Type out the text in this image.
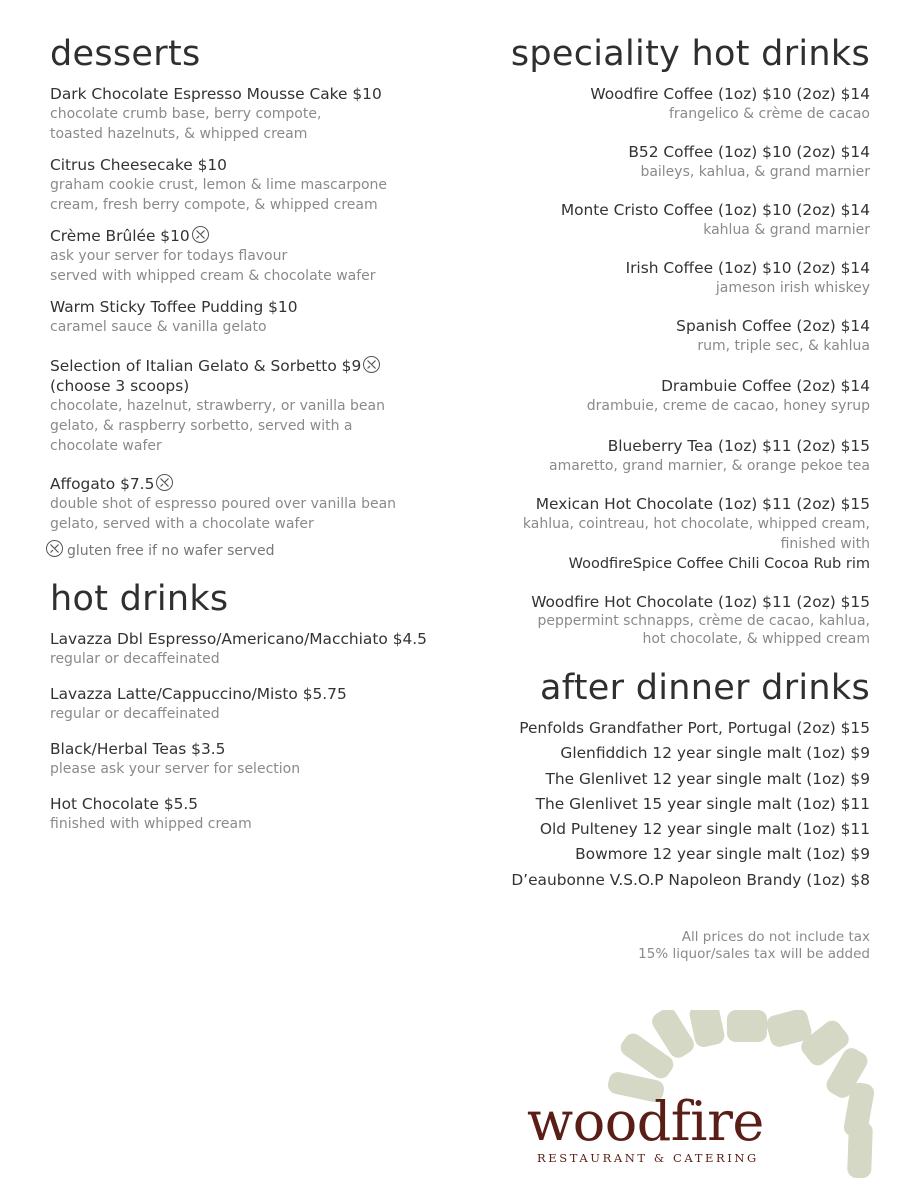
desserts
Dark Chocolate Espresso Mousse Cake $10
chocolate crumb base, berry compote,
toasted hazelnuts, & whipped cream
Citrus Cheesecake $10
graham cookie crust, lemon & lime mascarpone
cream, fresh berry compote, & whipped cream
Crème Brûlée $10
ask your server for todays flavour
served with whipped cream & chocolate wafer
Warm Sticky Toffee Pudding $10
caramel sauce & vanilla gelato
Selection of Italian Gelato & Sorbetto $9
(choose 3 scoops)
chocolate, hazelnut, strawberry, or vanilla bean
gelato, & raspberry sorbetto, served with a
chocolate wafer
Affogato $7.5
double shot of espresso poured over vanilla bean
gelato, served with a chocolate wafer
gluten free if no wafer served
hot drinks
Lavazza Dbl Espresso/Americano/Macchiato $4.5
regular or decaffeinated
Lavazza Latte/Cappuccino/Misto $5.75
regular or decaffeinated
Black/Herbal Teas $3.5
please ask your server for selection
Hot Chocolate $5.5
finished with whipped cream
speciality hot drinks
Woodfire Coffee (1oz) $10 (2oz) $14
frangelico & crème de cacao
B52 Coffee (1oz) $10 (2oz) $14
baileys, kahlua, & grand marnier
Monte Cristo Coffee (1oz) $10 (2oz) $14
kahlua & grand marnier
Irish Coffee (1oz) $10 (2oz) $14
jameson irish whiskey
Spanish Coffee (2oz) $14
rum, triple sec, & kahlua
Drambuie Coffee (2oz) $14
drambuie, creme de cacao, honey syrup
Blueberry Tea (1oz) $11 (2oz) $15
amaretto, grand marnier, & orange pekoe tea
Mexican Hot Chocolate (1oz) $11 (2oz) $15
kahlua, cointreau, hot chocolate, whipped cream,
finished with
WoodfireSpice Coffee Chili Cocoa Rub rim
Woodfire Hot Chocolate (1oz) $11 (2oz) $15
peppermint schnapps, crème de cacao, kahlua,
hot chocolate, & whipped cream
after dinner drinks
Penfolds Grandfather Port, Portugal (2oz) $15
Glenfiddich 12 year single malt (1oz) $9
The Glenlivet 12 year single malt (1oz) $9
The Glenlivet 15 year single malt (1oz) $11
Old Pulteney 12 year single malt (1oz) $11
Bowmore 12 year single malt (1oz) $9
D’eaubonne V.S.O.P Napoleon Brandy (1oz) $8
All prices do not include tax
15% liquor/sales tax will be added
woodfire
RESTAURANT & CATERING
